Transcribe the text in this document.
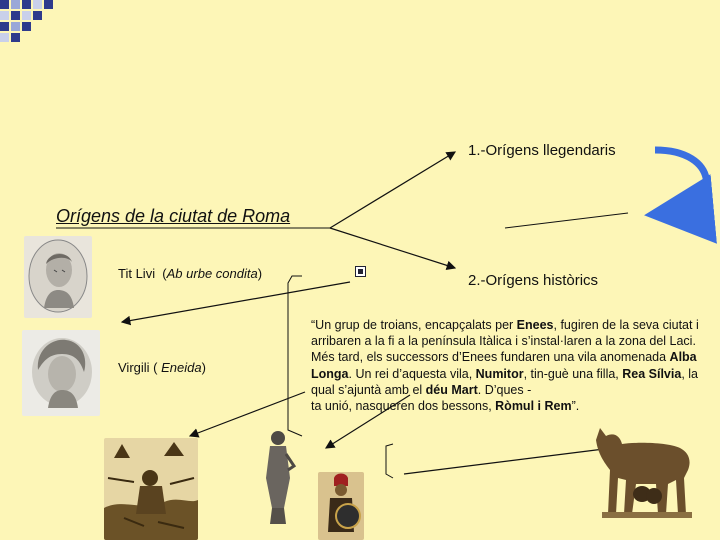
Orígens de la ciutat de Roma
1.-Orígens llegendaris
2.-Orígens històrics
Tit Livi  (Ab urbe condita)
Virgili ( Eneida)
“Un grup de troians, encapçalats per Enees, fugiren de la seva ciutat i arribaren a la fi a la península Itàlica i s’instal·laren a la zona del Laci. Més tard, els successors d’Enees fundaren una vila anomenada Alba Longa. Un rei d’aquesta vila, Numitor, tin-guè una filla, Rea Sílvia, la qual s’ajuntà amb el déu Mart. D’ques -
ta unió, nasqueren dos bessons, Ròmul i Rem”.
